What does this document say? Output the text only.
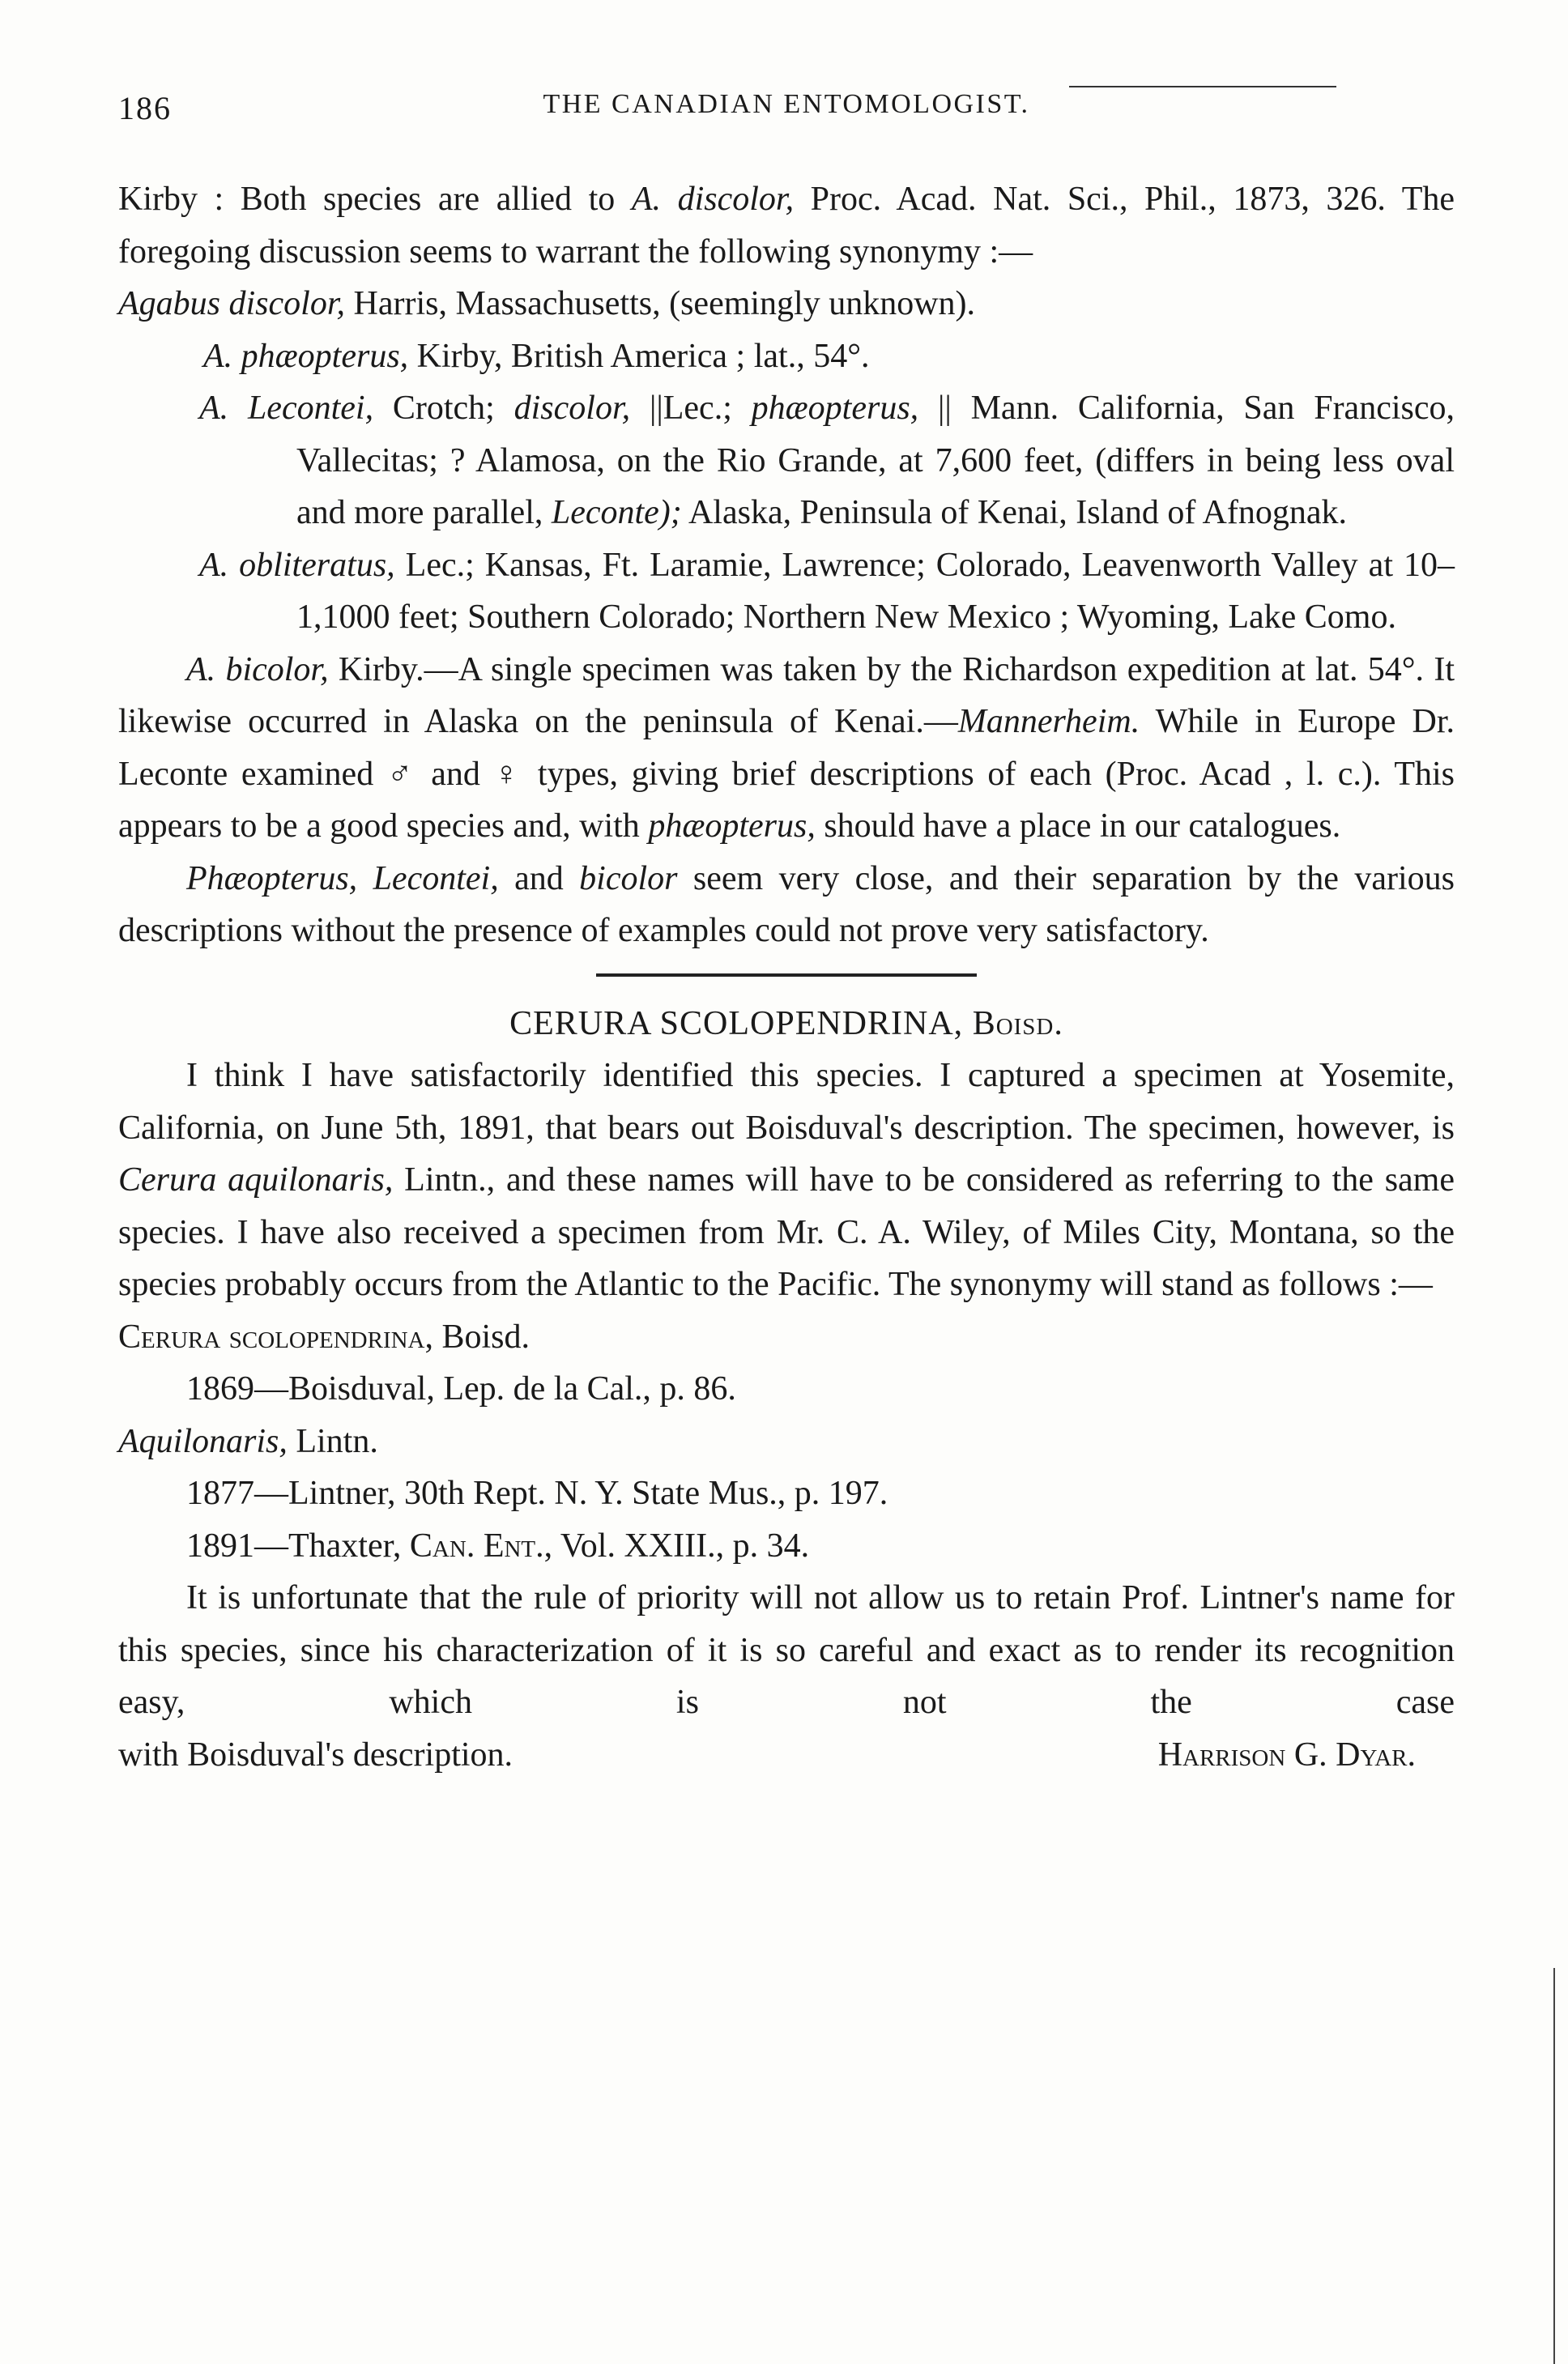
186	THE CANADIAN ENTOMOLOGIST.

Kirby : Both species are allied to A. discolor, Proc. Acad. Nat. Sci., Phil., 1873, 326. The foregoing discussion seems to warrant the following synonymy :—

Agabus discolor, Harris, Massachusetts, (seemingly unknown).

A. phæopterus, Kirby, British America ; lat., 54°.

A. Lecontei, Crotch; discolor, ||Lec.; phæopterus, || Mann. California, San Francisco, Vallecitas; ? Alamosa, on the Rio Grande, at 7,600 feet, (differs in being less oval and more parallel, Leconte); Alaska, Peninsula of Kenai, Island of Afnognak.

A. obliteratus, Lec.; Kansas, Ft. Laramie, Lawrence; Colorado, Leavenworth Valley at 10–1,1000 feet; Southern Colorado; Northern New Mexico ; Wyoming, Lake Como.

A. bicolor, Kirby.—A single specimen was taken by the Richardson expedition at lat. 54°. It likewise occurred in Alaska on the peninsula of Kenai.—Mannerheim. While in Europe Dr. Leconte examined ♂ and ♀ types, giving brief descriptions of each (Proc. Acad , l. c.). This appears to be a good species and, with phæopterus, should have a place in our catalogues.

Phæopterus, Lecontei, and bicolor seem very close, and their separation by the various descriptions without the presence of examples could not prove very satisfactory.

CERURA SCOLOPENDRINA, Boisd.

I think I have satisfactorily identified this species. I captured a specimen at Yosemite, California, on June 5th, 1891, that bears out Boisduval's description. The specimen, however, is Cerura aquilonaris, Lintn., and these names will have to be considered as referring to the same species. I have also received a specimen from Mr. C. A. Wiley, of Miles City, Montana, so the species probably occurs from the Atlantic to the Pacific. The synonymy will stand as follows :—

Cerura scolopendrina, Boisd.

1869—Boisduval, Lep. de la Cal., p. 86.

Aquilonaris, Lintn.

1877—Lintner, 30th Rept. N. Y. State Mus., p. 197.

1891—Thaxter, Can. Ent., Vol. XXIII., p. 34.

It is unfortunate that the rule of priority will not allow us to retain Prof. Lintner's name for this species, since his characterization of it is so careful and exact as to render its recognition easy, which is not the case

with Boisduval's description.	Harrison G. Dyar.
